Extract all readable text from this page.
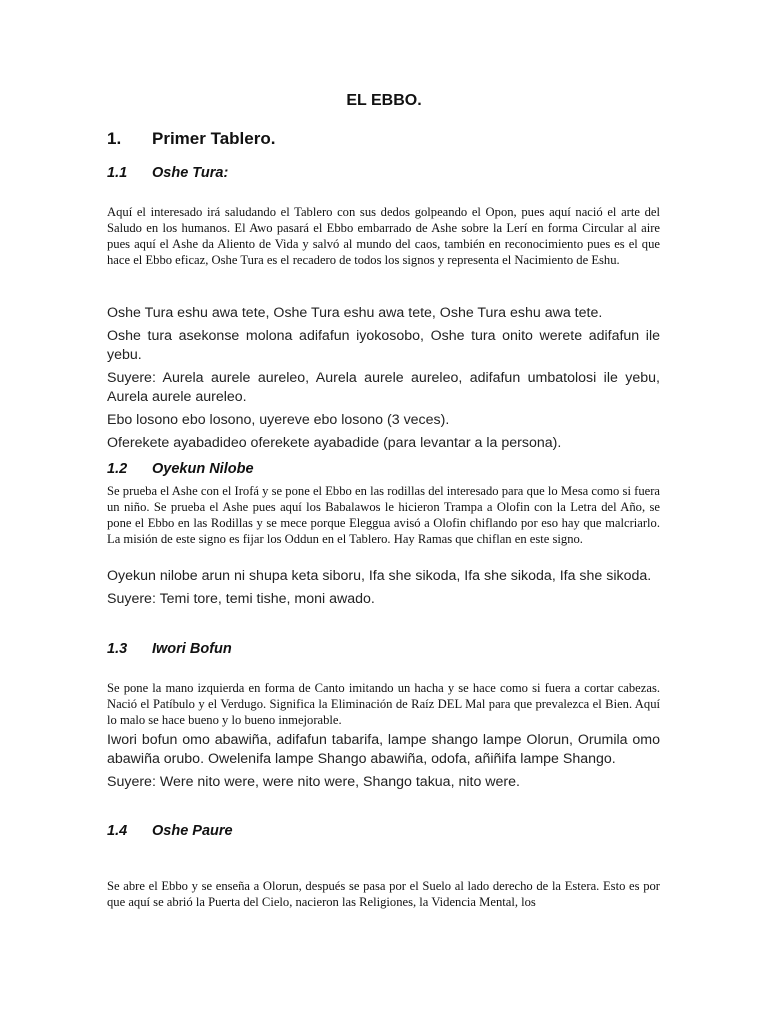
EL EBBO.
1. Primer Tablero.
1.1 Oshe Tura:
Aquí el interesado irá saludando el Tablero con sus dedos golpeando el Opon, pues aquí nació el arte del Saludo en los humanos. El Awo pasará el Ebbo embarrado de Ashe sobre la Lerí en forma Circular al aire pues aquí el Ashe da Aliento de Vida y salvó al mundo del caos, también en reconocimiento pues es el que hace el Ebbo eficaz, Oshe Tura es el recadero de todos los signos y representa el Nacimiento de Eshu.

Oshe Tura eshu awa tete, Oshe Tura eshu awa tete, Oshe Tura eshu awa tete.

Oshe tura asekonse molona adifafun iyokosobo, Oshe tura onito werete adifafun ile yebu.

Suyere: Aurela aurele aureleo, Aurela aurele aureleo, adifafun umbatolosi ile yebu, Aurela aurele aureleo.

Ebo losono ebo losono, uyereve ebo losono (3 veces).

Oferekete ayabadideo oferekete ayabadide (para levantar a la persona).

1.2 Oyekun Nilobe
Se prueba el Ashe con el Irofá y se pone el Ebbo en las rodillas del interesado para que lo Mesa como si fuera un niño. Se prueba el Ashe pues aquí los Babalawos le hicieron Trampa a Olofin con la Letra del Año, se pone el Ebbo en las Rodillas y se mece porque Eleggua avisó a Olofin chiflando por eso hay que malcriarlo. La misión de este signo es fijar los Oddun en el Tablero. Hay Ramas que chiflan en este signo.

Oyekun nilobe arun ni shupa keta siboru, Ifa she sikoda, Ifa she sikoda, Ifa she sikoda.

Suyere: Temi tore, temi tishe, moni awado.

1.3 Iwori Bofun
Se pone la mano izquierda en forma de Canto imitando un hacha y se hace como si fuera a cortar cabezas. Nació el Patíbulo y el Verdugo. Significa la Eliminación de Raíz DEL Mal para que prevalezca el Bien. Aquí lo malo se hace bueno y lo bueno inmejorable.

Iwori bofun omo abawiña, adifafun tabarifa, lampe shango lampe Olorun, Orumila omo abawiña orubo. Owelenifa lampe Shango abawiña, odofa, añiñifa lampe Shango.

Suyere: Were nito were, were nito were, Shango takua, nito were.

1.4 Oshe Paure
Se abre el Ebbo y se enseña a Olorun, después se pasa por el Suelo al lado derecho de la Estera. Esto es por que aquí se abrió la Puerta del Cielo, nacieron las Religiones, la Videncia Mental, los
